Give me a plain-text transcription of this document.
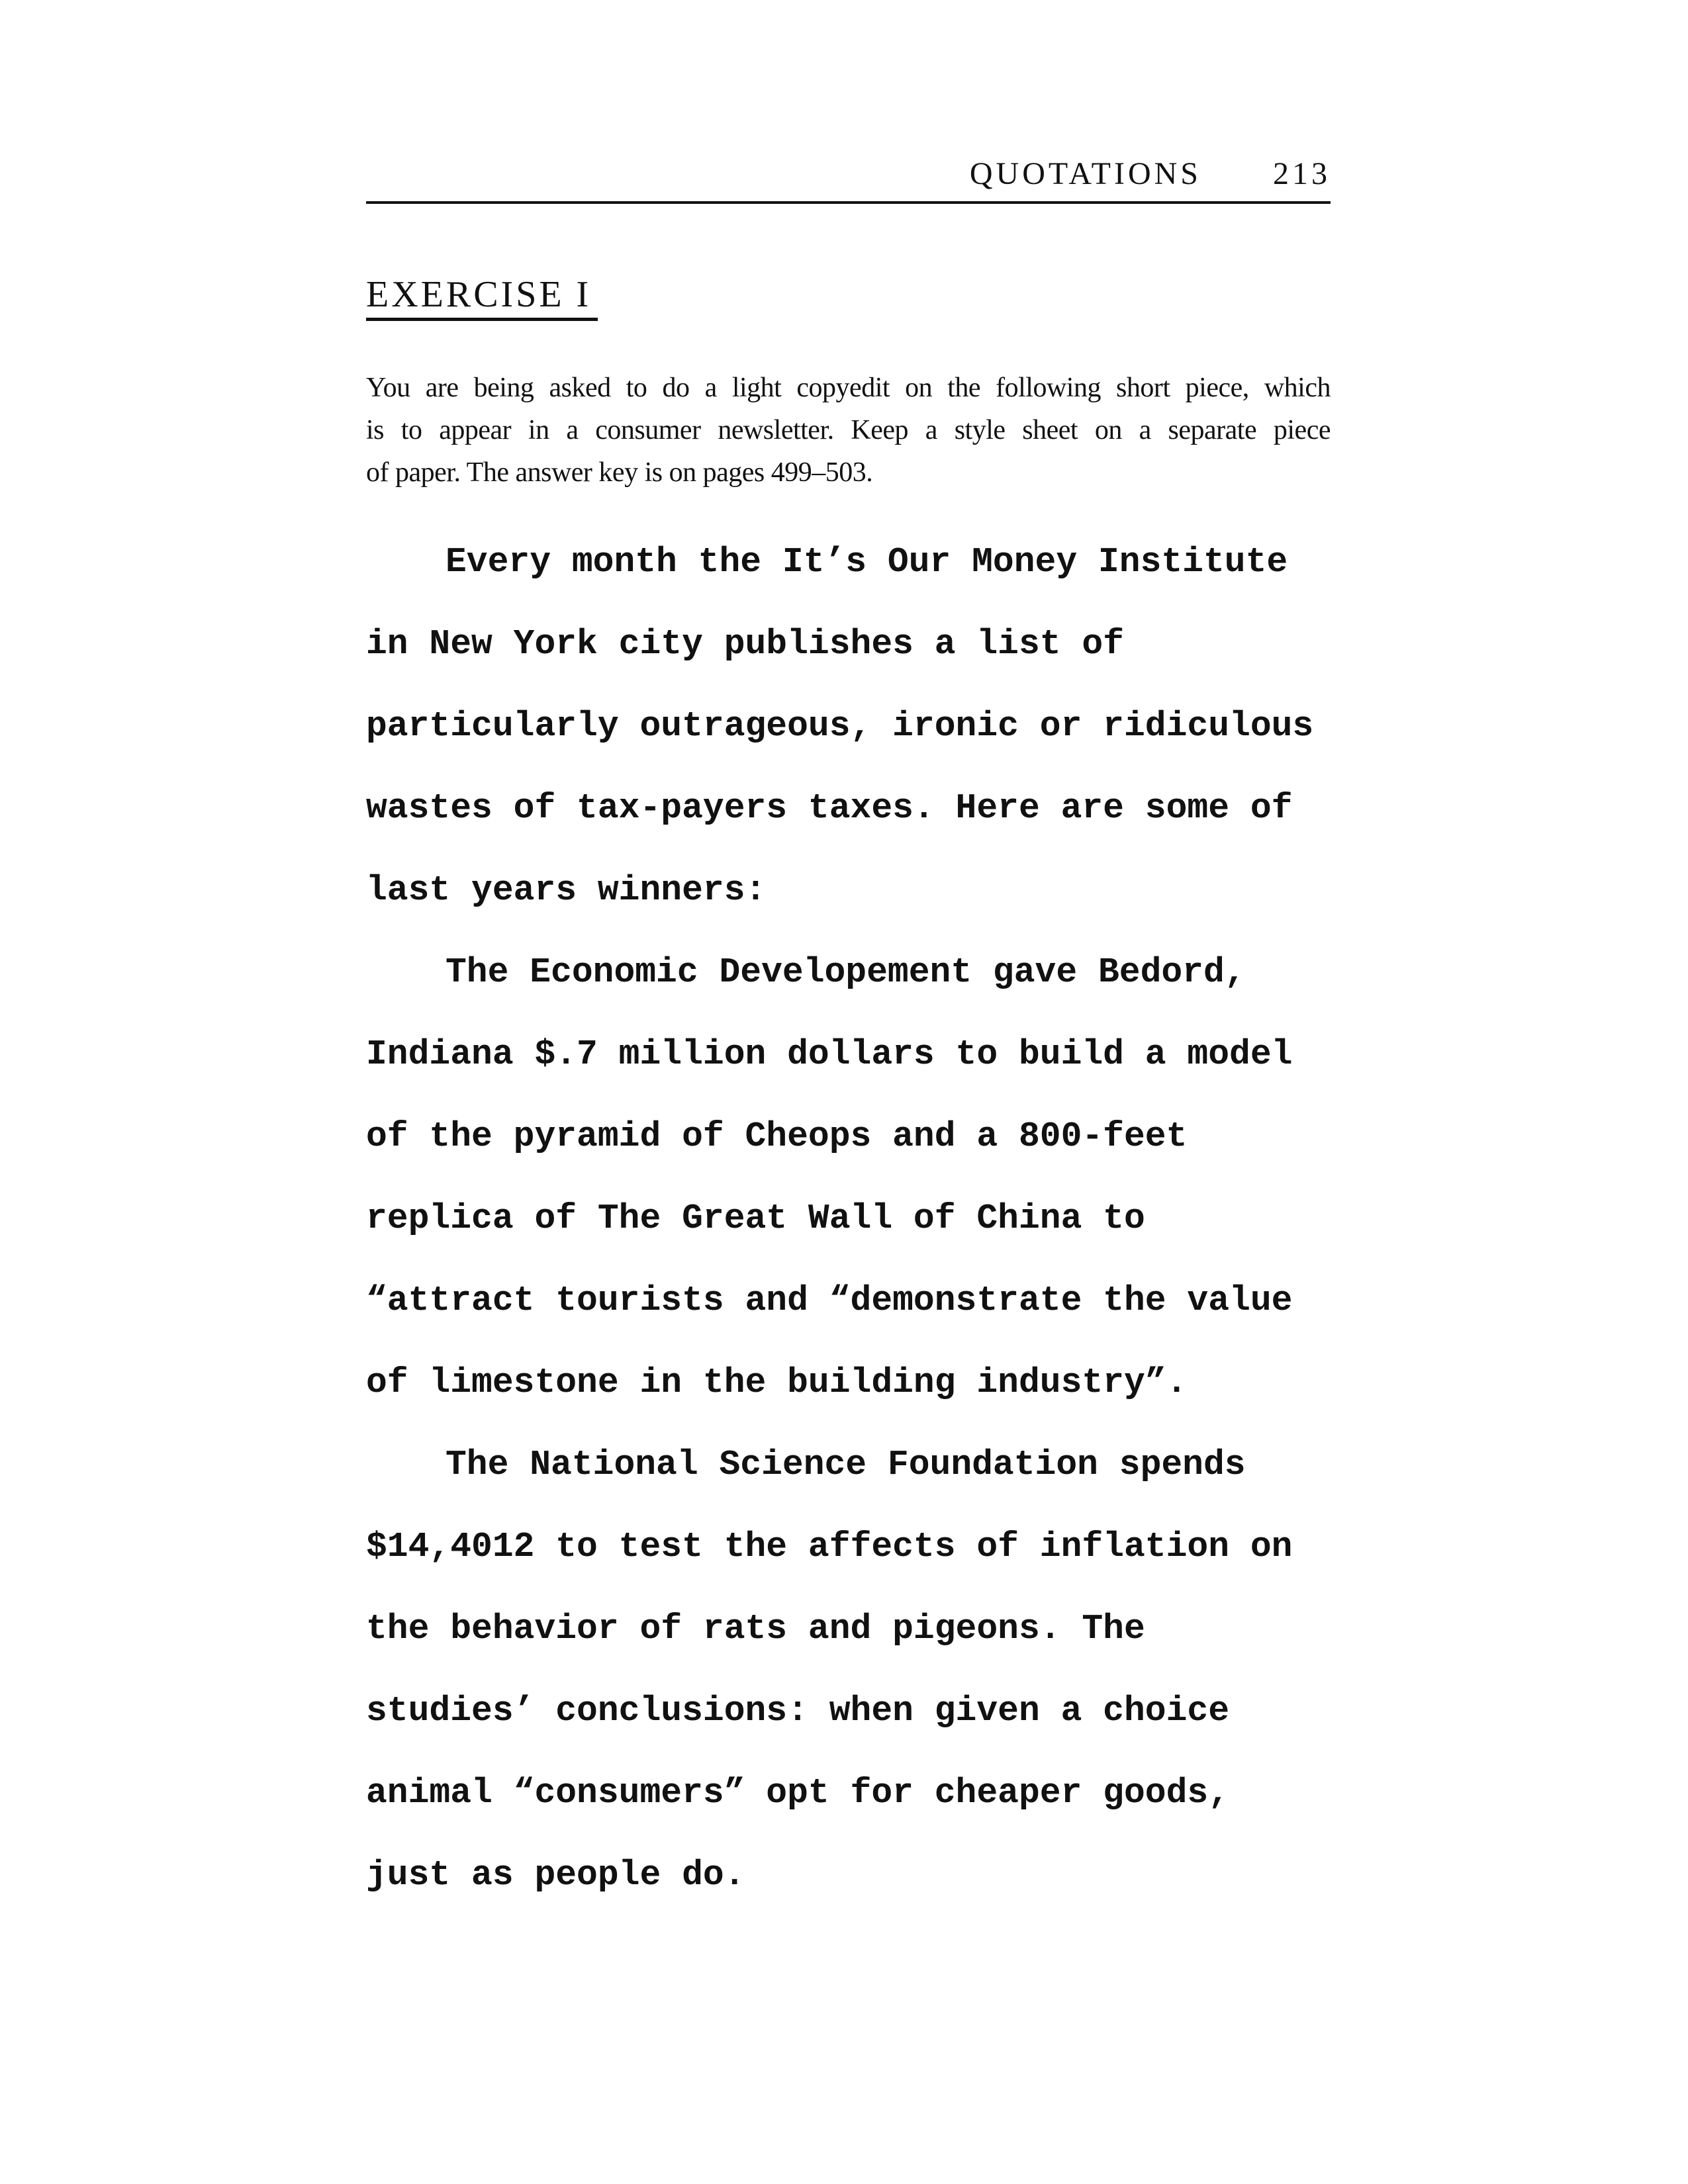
QUOTATIONS 213
EXERCISE I
You are being asked to do a light copyedit on the following short piece, which
is to appear in a consumer newsletter. Keep a style sheet on a separate piece
of paper. The answer key is on pages 499–503.
Every month the It’s Our Money Institute
in New York city publishes a list of
particularly outrageous, ironic or ridiculous
wastes of tax-payers taxes. Here are some of
last years winners:
The Economic Developement gave Bedord,
Indiana $.7 million dollars to build a model
of the pyramid of Cheops and a 800-feet
replica of The Great Wall of China to
“attract tourists and “demonstrate the value
of limestone in the building industry”.
The National Science Foundation spends
$14,4012 to test the affects of inflation on
the behavior of rats and pigeons. The
studies’ conclusions: when given a choice
animal “consumers” opt for cheaper goods,
just as people do.
